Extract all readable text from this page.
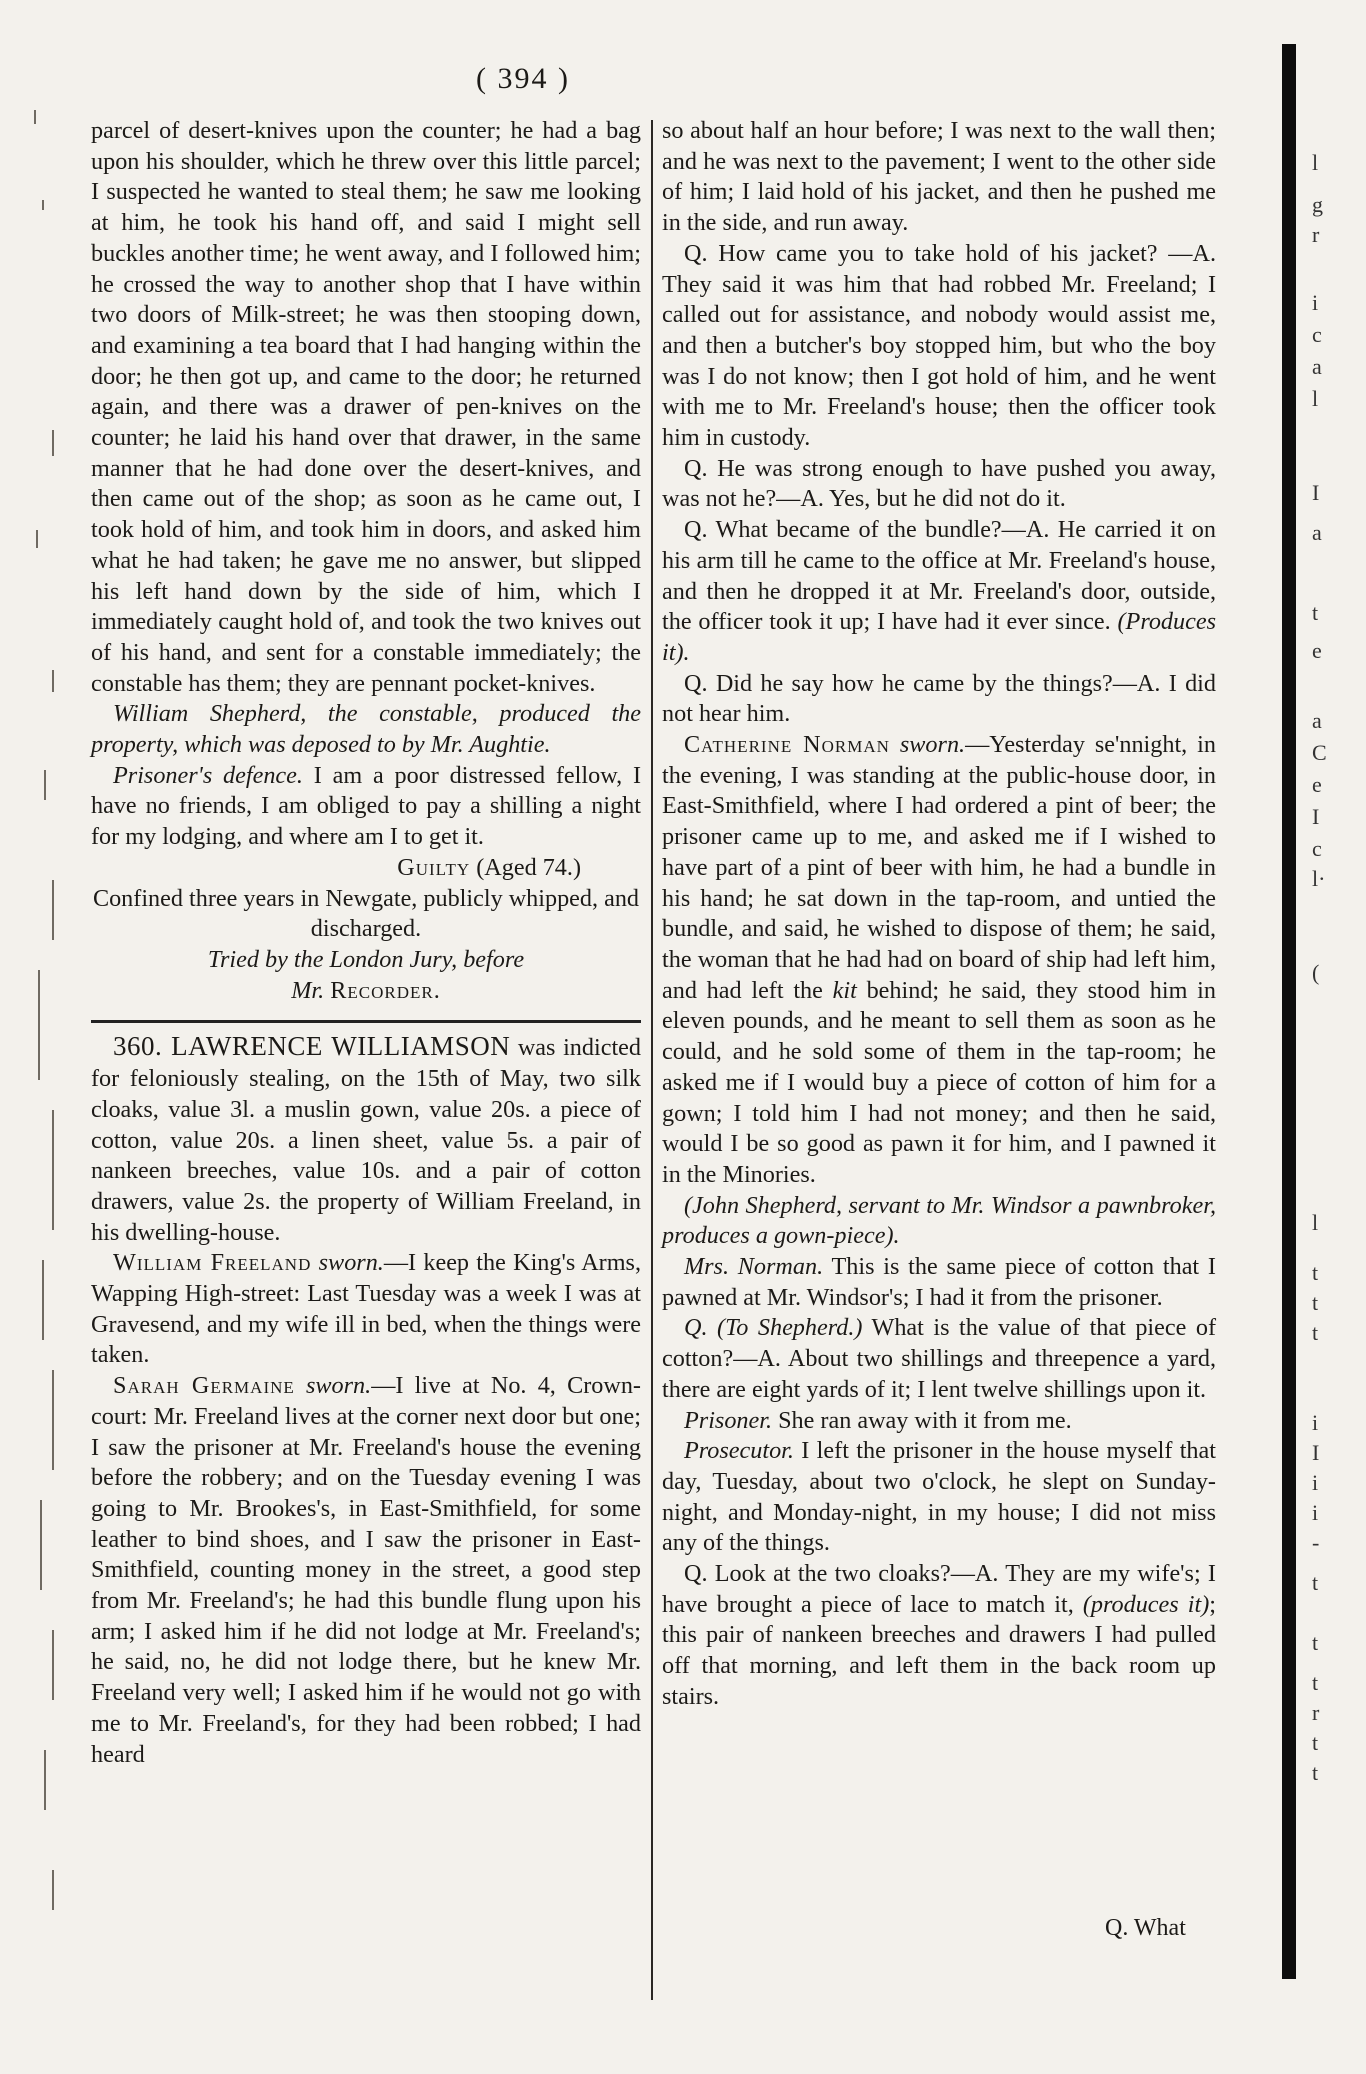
( 394 )

parcel of desert-knives upon the counter; he had a bag upon his shoulder, which he threw over this little parcel; I suspected he wanted to steal them; he saw me looking at him, he took his hand off, and said I might sell buckles another time; he went away, and I followed him; he crossed the way to another shop that I have within two doors of Milk-street; he was then stooping down, and examining a tea board that I had hanging within the door; he then got up, and came to the door; he returned again, and there was a drawer of pen-knives on the counter; he laid his hand over that drawer, in the same manner that he had done over the desert-knives, and then came out of the shop; as soon as he came out, I took hold of him, and took him in doors, and asked him what he had taken; he gave me no answer, but slipped his left hand down by the side of him, which I immediately caught hold of, and took the two knives out of his hand, and sent for a constable immediately; the constable has them; they are pennant pocket-knives.

William Shepherd, the constable, produced the property, which was deposed to by Mr. Aughtie.

Prisoner's defence. I am a poor distressed fellow, I have no friends, I am obliged to pay a shilling a night for my lodging, and where am I to get it.

Guilty (Aged 74.)

Confined three years in Newgate, publicly whipped, and discharged.

Tried by the London Jury, before

Mr. Recorder.

360. LAWRENCE WILLIAMSON was indicted for feloniously stealing, on the 15th of May, two silk cloaks, value 3l. a muslin gown, value 20s. a piece of cotton, value 20s. a linen sheet, value 5s. a pair of nankeen breeches, value 10s. and a pair of cotton drawers, value 2s. the property of William Freeland, in his dwelling-house.

William Freeland sworn.—I keep the King's Arms, Wapping High-street: Last Tuesday was a week I was at Gravesend, and my wife ill in bed, when the things were taken.

Sarah Germaine sworn.—I live at No. 4, Crown-court: Mr. Freeland lives at the corner next door but one; I saw the prisoner at Mr. Freeland's house the evening before the robbery; and on the Tuesday evening I was going to Mr. Brookes's, in East-Smithfield, for some leather to bind shoes, and I saw the prisoner in East-Smithfield, counting money in the street, a good step from Mr. Freeland's; he had this bundle flung upon his arm; I asked him if he did not lodge at Mr. Freeland's; he said, no, he did not lodge there, but he knew Mr. Freeland very well; I asked him if he would not go with me to Mr. Freeland's, for they had been robbed; I had heard

so about half an hour before; I was next to the wall then; and he was next to the pavement; I went to the other side of him; I laid hold of his jacket, and then he pushed me in the side, and run away.

Q. How came you to take hold of his jacket? —A. They said it was him that had robbed Mr. Freeland; I called out for assistance, and nobody would assist me, and then a butcher's boy stopped him, but who the boy was I do not know; then I got hold of him, and he went with me to Mr. Freeland's house; then the officer took him in custody.

Q. He was strong enough to have pushed you away, was not he?—A. Yes, but he did not do it.

Q. What became of the bundle?—A. He carried it on his arm till he came to the office at Mr. Freeland's house, and then he dropped it at Mr. Freeland's door, outside, the officer took it up; I have had it ever since. (Produces it).

Q. Did he say how he came by the things?—A. I did not hear him.

Catherine Norman sworn.—Yesterday se'nnight, in the evening, I was standing at the public-house door, in East-Smithfield, where I had ordered a pint of beer; the prisoner came up to me, and asked me if I wished to have part of a pint of beer with him, he had a bundle in his hand; he sat down in the tap-room, and untied the bundle, and said, he wished to dispose of them; he said, the woman that he had had on board of ship had left him, and had left the kit behind; he said, they stood him in eleven pounds, and he meant to sell them as soon as he could, and he sold some of them in the tap-room; he asked me if I would buy a piece of cotton of him for a gown; I told him I had not money; and then he said, would I be so good as pawn it for him, and I pawned it in the Minories.

(John Shepherd, servant to Mr. Windsor a pawnbroker, produces a gown-piece).

Mrs. Norman. This is the same piece of cotton that I pawned at Mr. Windsor's; I had it from the prisoner.

Q. (To Shepherd.) What is the value of that piece of cotton?—A. About two shillings and threepence a yard, there are eight yards of it; I lent twelve shillings upon it.

Prisoner. She ran away with it from me.

Prosecutor. I left the prisoner in the house myself that day, Tuesday, about two o'clock, he slept on Sunday-night, and Monday-night, in my house; I did not miss any of the things.

Q. Look at the two cloaks?—A. They are my wife's; I have brought a piece of lace to match it, (produces it); this pair of nankeen breeches and drawers I had pulled off that morning, and left them in the back room up stairs.

Q. What
l
g
r
i
c
a
l
I
a
t
e
a
C
e
I
c
l·
(
l
t
t
t
i
I
i
i
-
t
t
t
r
t
t
